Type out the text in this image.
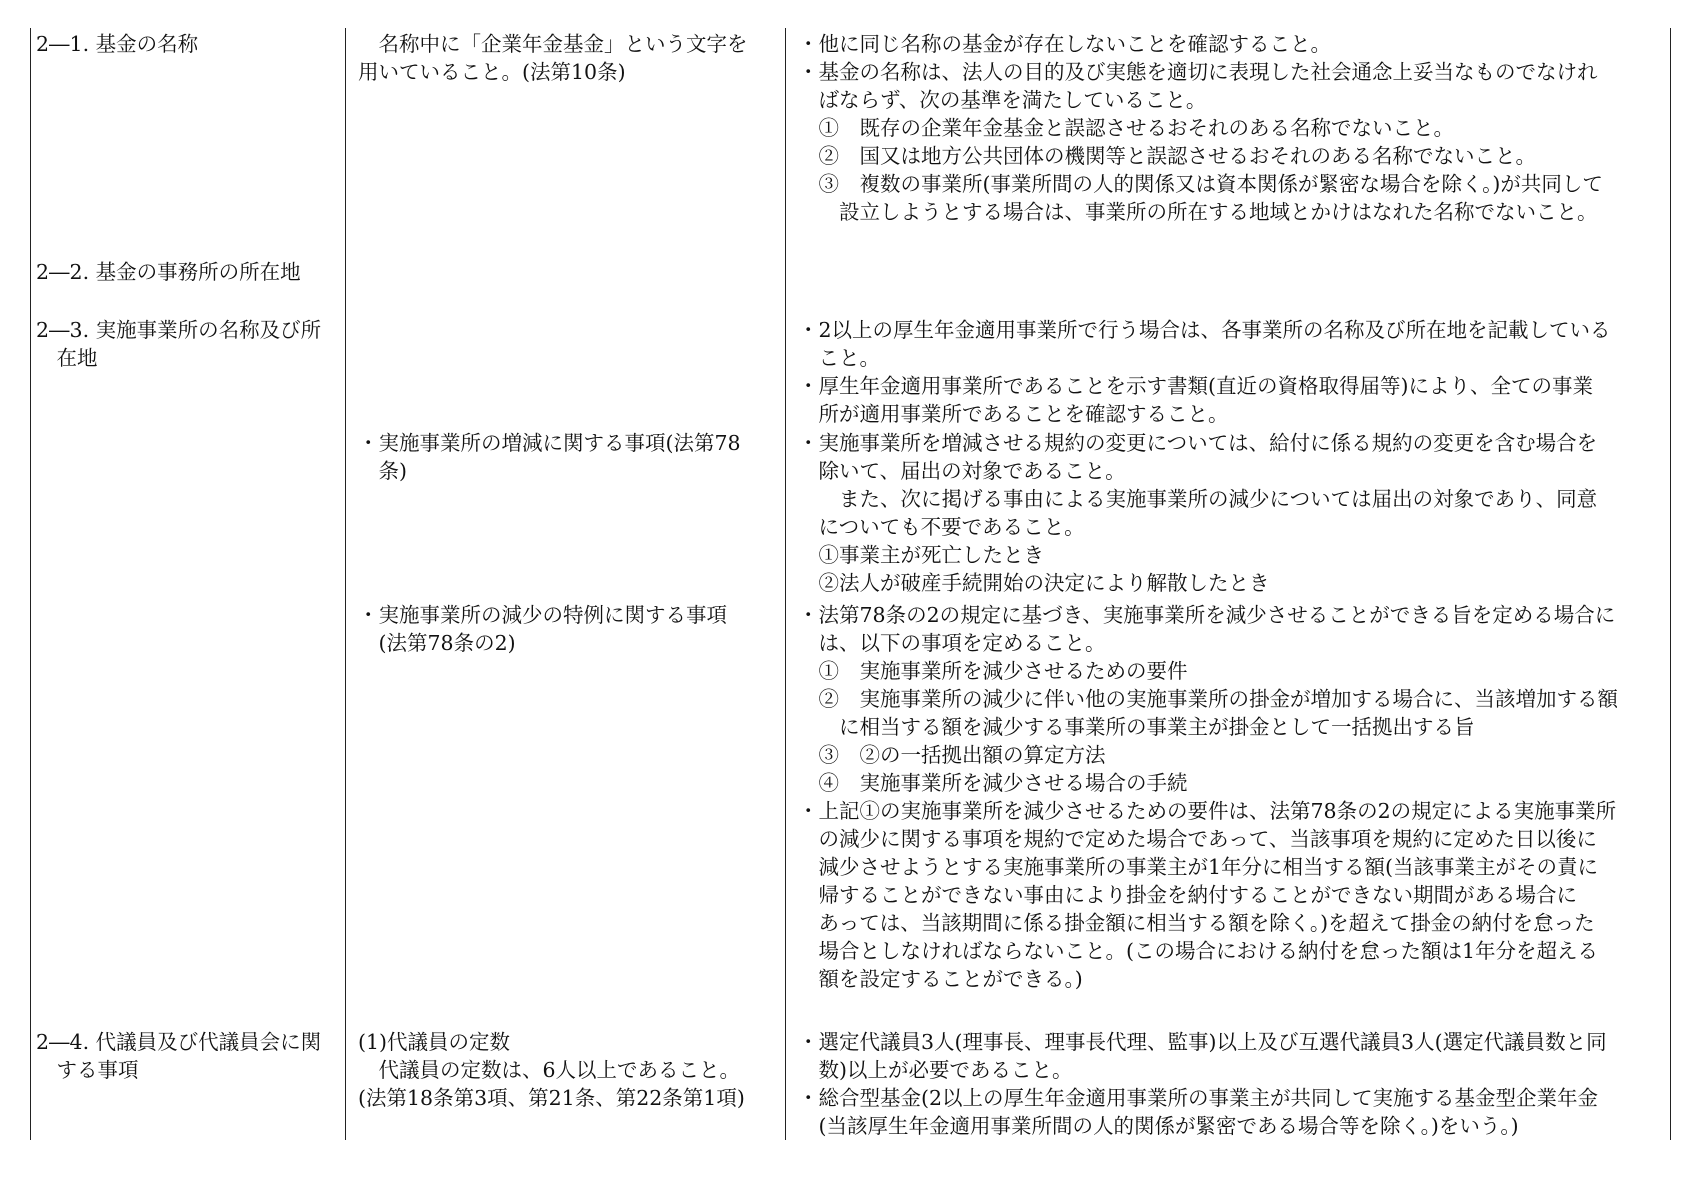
2―1. 基金の名称	　名称中に「企業年金基金」という文字を
用いていること。(法第10条)
・他に同じ名称の基金が存在しないことを確認すること。
・基金の名称は、法人の目的及び実態を適切に表現した社会通念上妥当なものでなけれ
　ばならず、次の基準を満たしていること。
　①　既存の企業年金基金と誤認させるおそれのある名称でないこと。
　②　国又は地方公共団体の機関等と誤認させるおそれのある名称でないこと。
　③　複数の事業所(事業所間の人的関係又は資本関係が緊密な場合を除く。)が共同して
　　設立しようとする場合は、事業所の所在する地域とかけはなれた名称でないこと。
2―2. 基金の事務所の所在地
2―3. 実施事業所の名称及び所
　在地
・2以上の厚生年金適用事業所で行う場合は、各事業所の名称及び所在地を記載している
　こと。
・厚生年金適用事業所であることを示す書類(直近の資格取得届等)により、全ての事業
　所が適用事業所であることを確認すること。
・実施事業所の増減に関する事項(法第78
　条)
・実施事業所を増減させる規約の変更については、給付に係る規約の変更を含む場合を
　除いて、届出の対象であること。
　　また、次に掲げる事由による実施事業所の減少については届出の対象であり、同意
　についても不要であること。
　①事業主が死亡したとき
　②法人が破産手続開始の決定により解散したとき
・実施事業所の減少の特例に関する事項
　(法第78条の2)
・法第78条の2の規定に基づき、実施事業所を減少させることができる旨を定める場合に
　は、以下の事項を定めること。
　①　実施事業所を減少させるための要件
　②　実施事業所の減少に伴い他の実施事業所の掛金が増加する場合に、当該増加する額
　　に相当する額を減少する事業所の事業主が掛金として一括拠出する旨
　③　②の一括拠出額の算定方法
　④　実施事業所を減少させる場合の手続
・上記①の実施事業所を減少させるための要件は、法第78条の2の規定による実施事業所
　の減少に関する事項を規約で定めた場合であって、当該事項を規約に定めた日以後に
　減少させようとする実施事業所の事業主が1年分に相当する額(当該事業主がその責に
　帰することができない事由により掛金を納付することができない期間がある場合に
　あっては、当該期間に係る掛金額に相当する額を除く。)を超えて掛金の納付を怠った
　場合としなければならないこと。(この場合における納付を怠った額は1年分を超える
　額を設定することができる。)
2―4. 代議員及び代議員会に関
　する事項
(1)代議員の定数
　代議員の定数は、6人以上であること。
(法第18条第3項、第21条、第22条第1項)
・選定代議員3人(理事長、理事長代理、監事)以上及び互選代議員3人(選定代議員数と同
　数)以上が必要であること。
・総合型基金(2以上の厚生年金適用事業所の事業主が共同して実施する基金型企業年金
　(当該厚生年金適用事業所間の人的関係が緊密である場合等を除く。)をいう。)
